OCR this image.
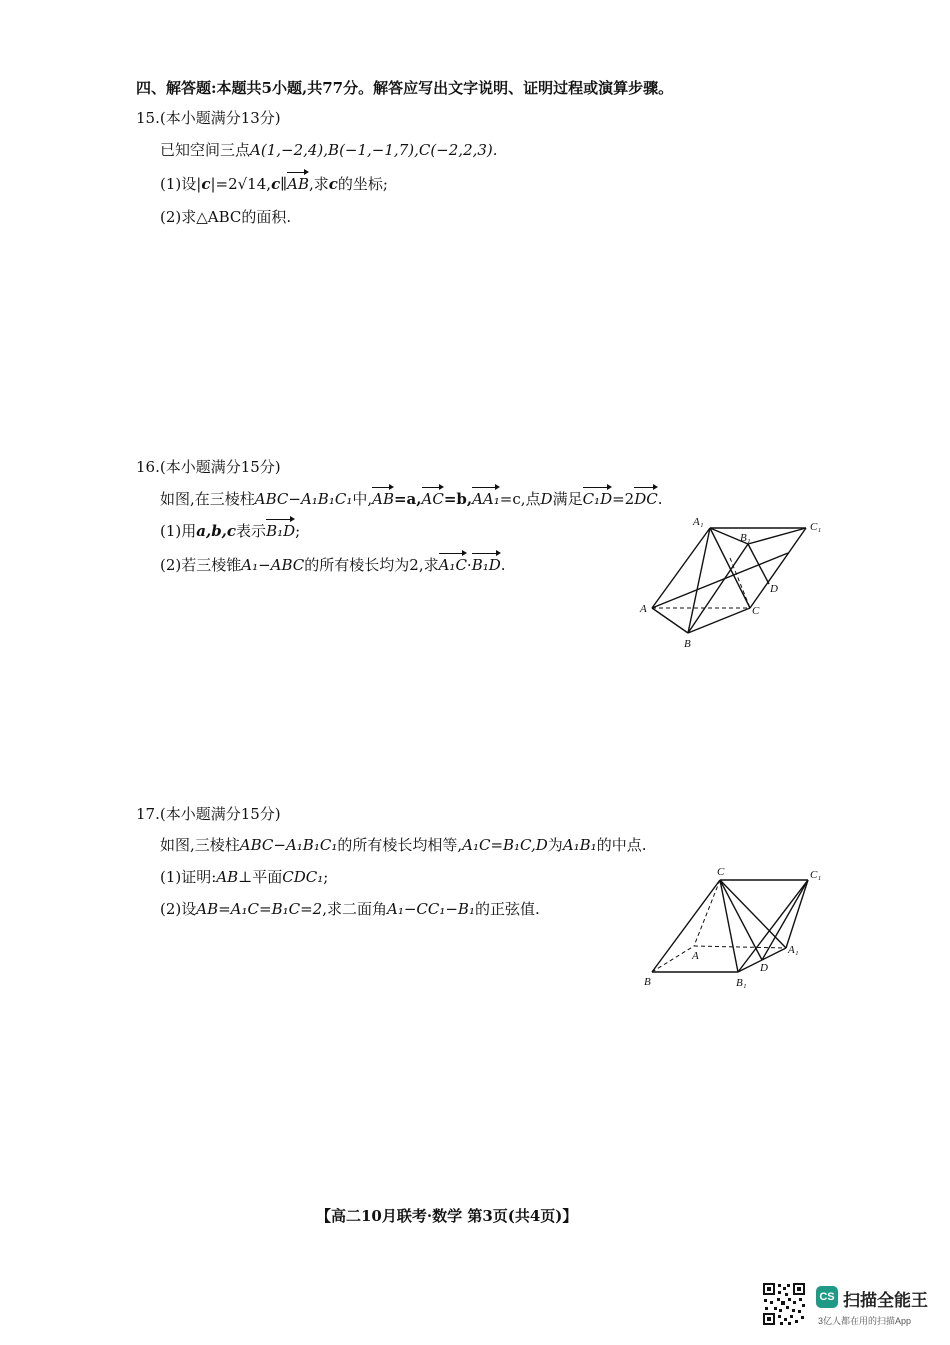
四、解答题:本题共5小题,共77分。解答应写出文字说明、证明过程或演算步骤。
15.(本小题满分13分)
已知空间三点A(1,−2,4),B(−1,−1,7),C(−2,2,3).
(1)设|c|=2√14,c∥AB,求c的坐标;
(2)求△ABC的面积.
16.(本小题满分15分)
如图,在三棱柱ABC−A₁B₁C₁中,AB=a,AC=b,AA₁=c,点D满足C₁D=2DC.
(1)用a,b,c表示B₁D;
(2)若三棱锥A₁−ABC的所有棱长均为2,求A₁C·B₁D.
A₁
B₁
C₁
A
B
C
D
17.(本小题满分15分)
如图,三棱柱ABC−A₁B₁C₁的所有棱长均相等,A₁C=B₁C,D为A₁B₁的中点.
(1)证明:AB⊥平面CDC₁;
(2)设AB=A₁C=B₁C=2,求二面角A₁−CC₁−B₁的正弦值.
C	C₁
A	A₁
B	B₁
D
【高二10月联考·数学 第3页(共4页)】
CS 扫描全能王
3亿人都在用的扫描App
